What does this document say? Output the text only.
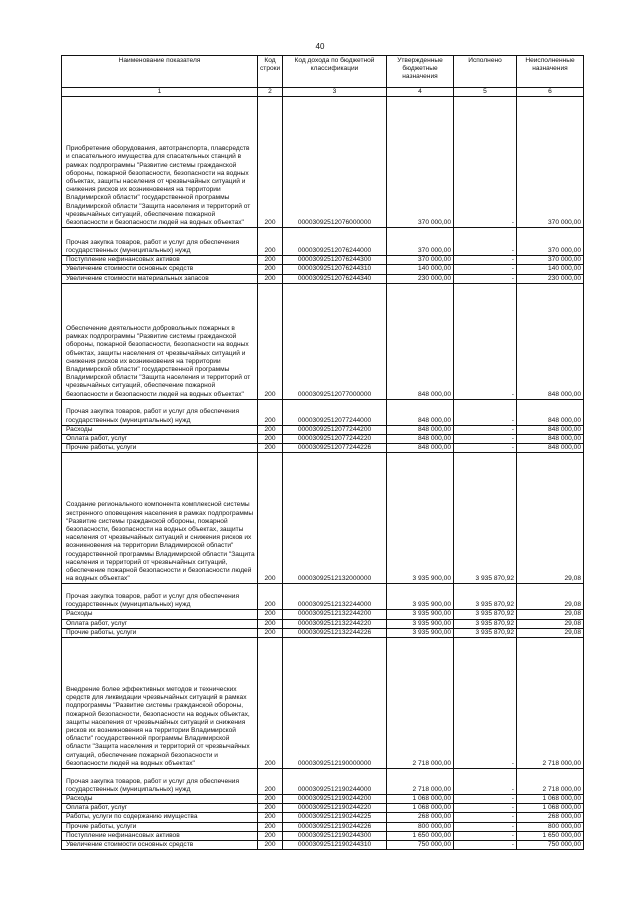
40
Наименование показателя	Код строки	Код дохода по бюджетной классификации	Утвержденные бюджетные назначения	Исполнено	Неисполненные назначения
1	2	3	4	5	6
Приобретение оборудования, автотранспорта, плавсредств и спасательного имущества для спасательных станций в рамках подпрограммы "Развитие системы гражданской обороны, пожарной безопасности, безопасности на водных объектах, защиты населения от чрезвычайных ситуаций и снижения рисков их возникновения на территории Владимирской области" государственной программы Владимирской области "Защита населения и территорий от чрезвычайных ситуаций, обеспечение пожарной безопасности и безопасности людей на водных объектах"	200	00003092512076000000	370 000,00	-	370 000,00
Прочая закупка товаров, работ и услуг для обеспечения государственных (муниципальных) нужд	200	00003092512076244000	370 000,00	-	370 000,00
Поступление нефинансовых активов	200	00003092512076244300	370 000,00	-	370 000,00
Увеличение стоимости основных средств	200	00003092512076244310	140 000,00	-	140 000,00
Увеличение стоимости материальных запасов	200	00003092512076244340	230 000,00	-	230 000,00
Обеспечение деятельности добровольных пожарных в рамках подпрограммы "Развитие системы гражданской обороны, пожарной безопасности, безопасности на водных объектах, защиты населения от чрезвычайных ситуаций и снижения рисков их возникновения на территории Владимирской области" государственной программы Владимирской области "Защита населения и территорий от чрезвычайных ситуаций, обеспечение пожарной безопасности и безопасности людей на водных объектах"	200	00003092512077000000	848 000,00	-	848 000,00
Прочая закупка товаров, работ и услуг для обеспечения государственных (муниципальных) нужд	200	00003092512077244000	848 000,00	-	848 000,00
Расходы	200	00003092512077244200	848 000,00	-	848 000,00
Оплата работ, услуг	200	00003092512077244220	848 000,00	-	848 000,00
Прочие работы, услуги	200	00003092512077244226	848 000,00	-	848 000,00
Создание регионального компонента комплексной системы экстренного оповещения населения в рамках подпрограммы "Развитие системы гражданской обороны, пожарной безопасности, безопасности на водных объектах, защиты населения от чрезвычайных ситуаций и снижения рисков их возникновения на территории Владимирской области" государственной программы Владимирской области "Защита населения и территорий от чрезвычайных ситуаций, обеспечение пожарной безопасности и безопасности людей на водных объектах"	200	00003092512132000000	3 935 900,00	3 935 870,92	29,08
Прочая закупка товаров, работ и услуг для обеспечения государственных (муниципальных) нужд	200	00003092512132244000	3 935 900,00	3 935 870,92	29,08
Расходы	200	00003092512132244200	3 935 900,00	3 935 870,92	29,08
Оплата работ, услуг	200	00003092512132244220	3 935 900,00	3 935 870,92	29,08
Прочие работы, услуги	200	00003092512132244226	3 935 900,00	3 935 870,92	29,08
Внедрение более эффективных методов и технических средств для ликвидации чрезвычайных ситуаций в рамках подпрограммы "Развитие системы гражданской обороны, пожарной безопасности, безопасности на водных объектах, защиты населения от чрезвычайных ситуаций и снижения рисков их возникновения на территории Владимирской области" государственной программы Владимирской области "Защита населения и территорий от чрезвычайных ситуаций, обеспечение пожарной безопасности и безопасности людей на водных объектах"	200	00003092512190000000	2 718 000,00	-	2 718 000,00
Прочая закупка товаров, работ и услуг для обеспечения государственных (муниципальных) нужд	200	00003092512190244000	2 718 000,00	-	2 718 000,00
Расходы	200	00003092512190244200	1 068 000,00	-	1 068 000,00
Оплата работ, услуг	200	00003092512190244220	1 068 000,00	-	1 068 000,00
Работы, услуги по содержанию имущества	200	00003092512190244225	268 000,00	-	268 000,00
Прочие работы, услуги	200	00003092512190244226	800 000,00	-	800 000,00
Поступление нефинансовых активов	200	00003092512190244300	1 650 000,00	-	1 650 000,00
Увеличение стоимости основных средств	200	00003092512190244310	750 000,00	-	750 000,00
